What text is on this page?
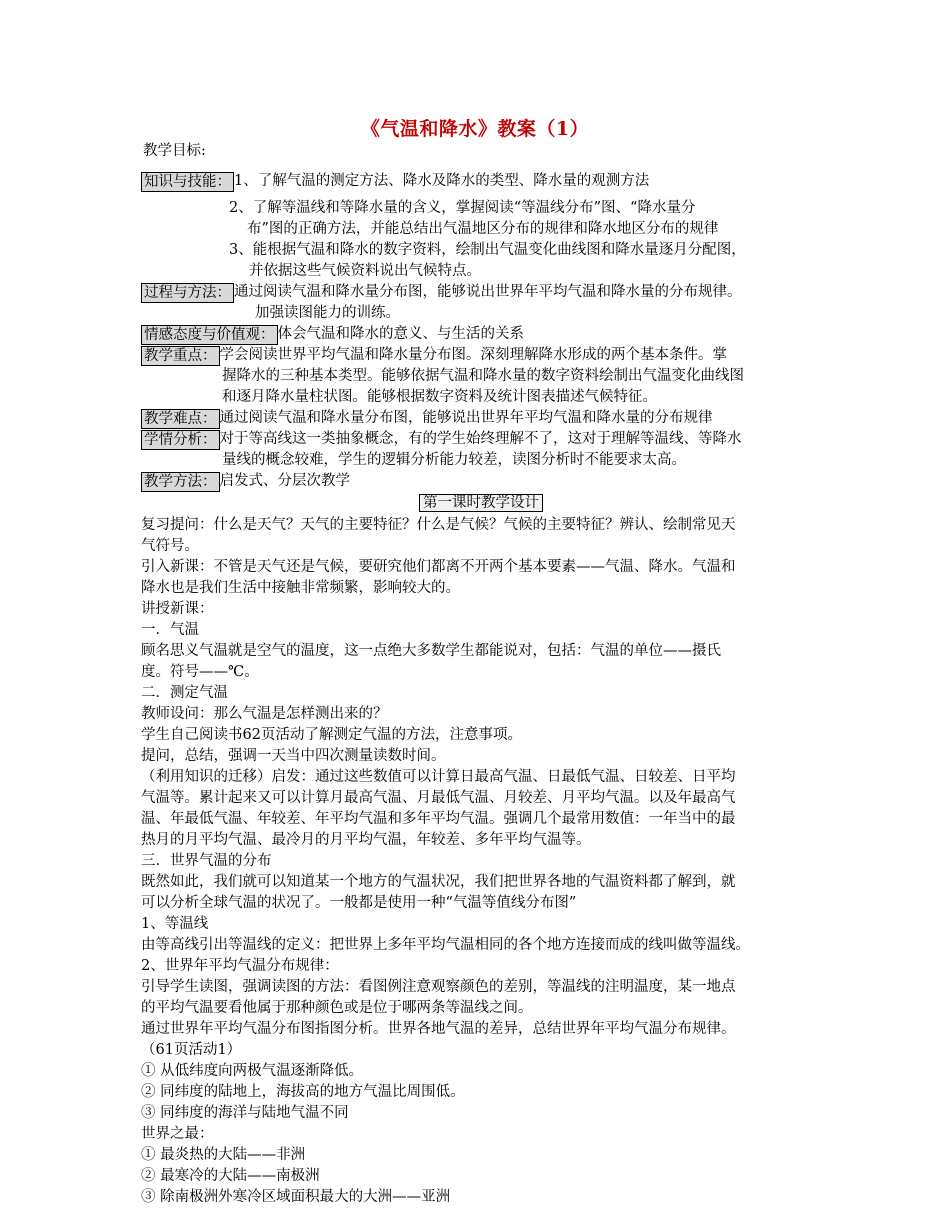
《气温和降水》教案（1）
教学目标:
知识与技能： 1、了解气温的测定方法、降水及降水的类型、降水量的观测方法
2、了解等温线和等降水量的含义，掌握阅读“等温线分布”图、“降水量分
布”图的正确方法，并能总结出气温地区分布的规律和降水地区分布的规律
3、能根据气温和降水的数字资料，绘制出气温变化曲线图和降水量逐月分配图，
并依据这些气候资料说出气候特点。
过程与方法： 通过阅读气温和降水量分布图，能够说出世界年平均气温和降水量的分布规律。
加强读图能力的训练。
情感态度与价值观： 体会气温和降水的意义、与生活的关系
教学重点： 学会阅读世界平均气温和降水量分布图。深刻理解降水形成的两个基本条件。掌
握降水的三种基本类型。能够依据气温和降水量的数字资料绘制出气温变化曲线图
和逐月降水量柱状图。能够根据数字资料及统计图表描述气候特征。
教学难点： 通过阅读气温和降水量分布图，能够说出世界年平均气温和降水量的分布规律
学情分析： 对于等高线这一类抽象概念，有的学生始终理解不了，这对于理解等温线、等降水
量线的概念较难，学生的逻辑分析能力较差，读图分析时不能要求太高。
教学方法： 启发式、分层次教学
第一课时教学设计
复习提问：什么是天气？天气的主要特征？什么是气候？气候的主要特征？辨认、绘制常见天
气符号。
引入新课：不管是天气还是气候，要研究他们都离不开两个基本要素——气温、降水。气温和
降水也是我们生活中接触非常频繁，影响较大的。
讲授新课：
一．气温
顾名思义气温就是空气的温度，这一点绝大多数学生都能说对，包括：气温的单位——摄氏
度。符号——℃。
二．测定气温
教师设问：那么气温是怎样测出来的？
学生自己阅读书62页活动了解测定气温的方法，注意事项。
提问，总结，强调一天当中四次测量读数时间。
（利用知识的迁移）启发：通过这些数值可以计算日最高气温、日最低气温、日较差、日平均
气温等。累计起来又可以计算月最高气温、月最低气温、月较差、月平均气温。以及年最高气
温、年最低气温、年较差、年平均气温和多年平均气温。强调几个最常用数值：一年当中的最
热月的月平均气温、最冷月的月平均气温，年较差、多年平均气温等。
三．世界气温的分布
既然如此，我们就可以知道某一个地方的气温状况，我们把世界各地的气温资料都了解到，就
可以分析全球气温的状况了。一般都是使用一种“气温等值线分布图”
1、等温线
由等高线引出等温线的定义：把世界上多年平均气温相同的各个地方连接而成的线叫做等温线。
2、世界年平均气温分布规律：
引导学生读图，强调读图的方法：看图例注意观察颜色的差别，等温线的注明温度，某一地点
的平均气温要看他属于那种颜色或是位于哪两条等温线之间。
通过世界年平均气温分布图指图分析。世界各地气温的差异，总结世界年平均气温分布规律。
（61页活动1）
① 从低纬度向两极气温逐渐降低。
② 同纬度的陆地上，海拔高的地方气温比周围低。
③ 同纬度的海洋与陆地气温不同
世界之最：
① 最炎热的大陆——非洲
② 最寒冷的大陆——南极洲
③ 除南极洲外寒冷区域面积最大的大洲——亚洲
